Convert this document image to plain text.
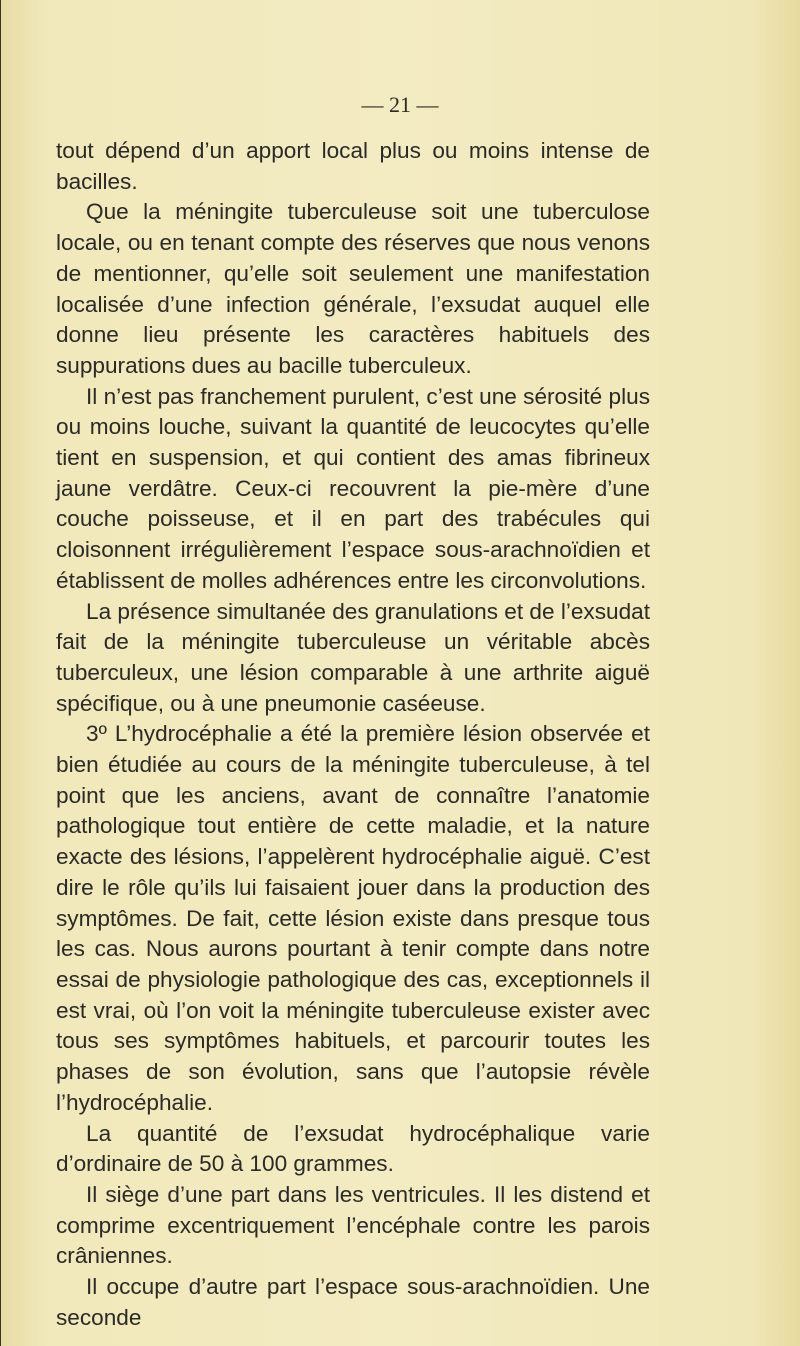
— 21 —

tout dépend d’un apport local plus ou moins intense de bacilles.

Que la méningite tuberculeuse soit une tuberculose locale, ou en tenant compte des réserves que nous venons de mentionner, qu’elle soit seulement une manifestation localisée d’une infection générale, l’exsudat auquel elle donne lieu présente les caractères habituels des suppurations dues au bacille tuberculeux.

Il n’est pas franchement purulent, c’est une sérosité plus ou moins louche, suivant la quantité de leucocytes qu’elle tient en suspension, et qui contient des amas fibrineux jaune verdâtre. Ceux-ci recouvrent la pie-mère d’une couche poisseuse, et il en part des trabécules qui cloisonnent irrégulièrement l’espace sous-arachnoïdien et établissent de molles adhérences entre les circonvolutions.

La présence simultanée des granulations et de l’exsudat fait de la méningite tuberculeuse un véritable abcès tuberculeux, une lésion comparable à une arthrite aiguë spécifique, ou à une pneumonie caséeuse.

3º L’hydrocéphalie a été la première lésion observée et bien étudiée au cours de la méningite tuberculeuse, à tel point que les anciens, avant de connaître l’anatomie pathologique tout entière de cette maladie, et la nature exacte des lésions, l’appelèrent hydrocéphalie aiguë. C’est dire le rôle qu’ils lui faisaient jouer dans la production des symptômes. De fait, cette lésion existe dans presque tous les cas. Nous aurons pourtant à tenir compte dans notre essai de physiologie pathologique des cas, exceptionnels il est vrai, où l’on voit la méningite tuberculeuse exister avec tous ses symptômes habituels, et parcourir toutes les phases de son évolution, sans que l’autopsie révèle l’hydrocéphalie.

La quantité de l’exsudat hydrocéphalique varie d’ordinaire de 50 à 100 grammes.

Il siège d’une part dans les ventricules. Il les distend et comprime excentriquement l’encéphale contre les parois crâniennes.

Il occupe d’autre part l’espace sous-arachnoïdien. Une seconde
